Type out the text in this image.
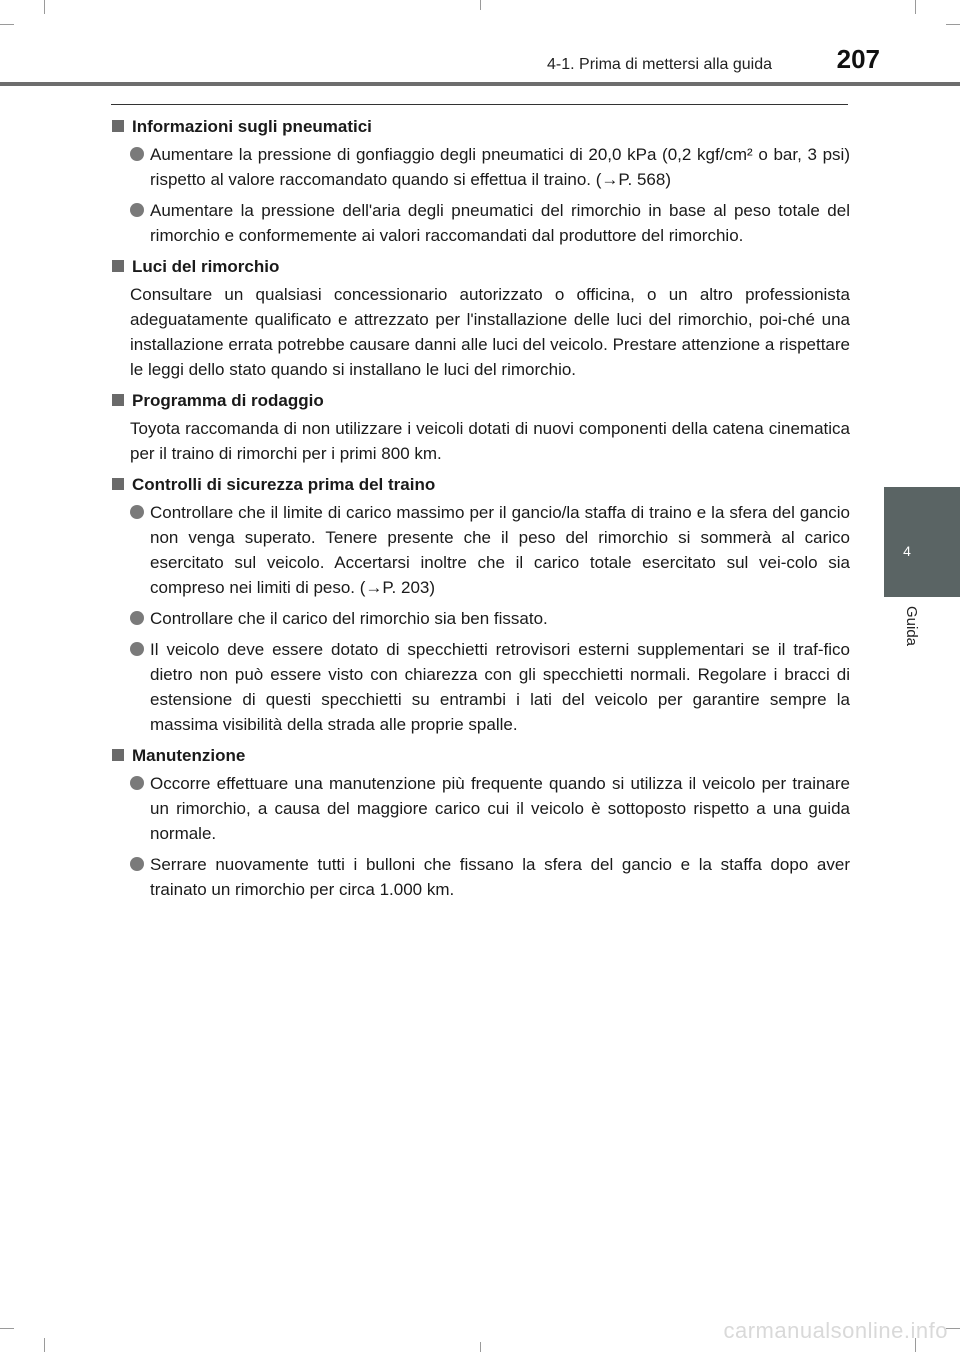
4-1. Prima di mettersi alla guida	207
4
Guida
Informazioni sugli pneumatici
Aumentare la pressione di gonfiaggio degli pneumatici di 20,0 kPa (0,2 kgf/cm² o bar, 3 psi) rispetto al valore raccomandato quando si effettua il traino. (→P. 568)
Aumentare la pressione dell'aria degli pneumatici del rimorchio in base al peso totale del rimorchio e conformemente ai valori raccomandati dal produttore del rimorchio.
Luci del rimorchio
Consultare un qualsiasi concessionario autorizzato o officina, o un altro professionista adeguatamente qualificato e attrezzato per l'installazione delle luci del rimorchio, poi-ché una installazione errata potrebbe causare danni alle luci del veicolo. Prestare attenzione a rispettare le leggi dello stato quando si installano le luci del rimorchio.
Programma di rodaggio
Toyota raccomanda di non utilizzare i veicoli dotati di nuovi componenti della catena cinematica per il traino di rimorchi per i primi 800 km.
Controlli di sicurezza prima del traino
Controllare che il limite di carico massimo per il gancio/la staffa di traino e la sfera del gancio non venga superato. Tenere presente che il peso del rimorchio si sommerà al carico esercitato sul veicolo. Accertarsi inoltre che il carico totale esercitato sul vei-colo sia compreso nei limiti di peso. (→P. 203)
Controllare che il carico del rimorchio sia ben fissato.
Il veicolo deve essere dotato di specchietti retrovisori esterni supplementari se il traf-fico dietro non può essere visto con chiarezza con gli specchietti normali. Regolare i bracci di estensione di questi specchietti su entrambi i lati del veicolo per garantire sempre la massima visibilità della strada alle proprie spalle.
Manutenzione
Occorre effettuare una manutenzione più frequente quando si utilizza il veicolo per trainare un rimorchio, a causa del maggiore carico cui il veicolo è sottoposto rispetto a una guida normale.
Serrare nuovamente tutti i bulloni che fissano la sfera del gancio e la staffa dopo aver trainato un rimorchio per circa 1.000 km.
carmanualsonline.info
